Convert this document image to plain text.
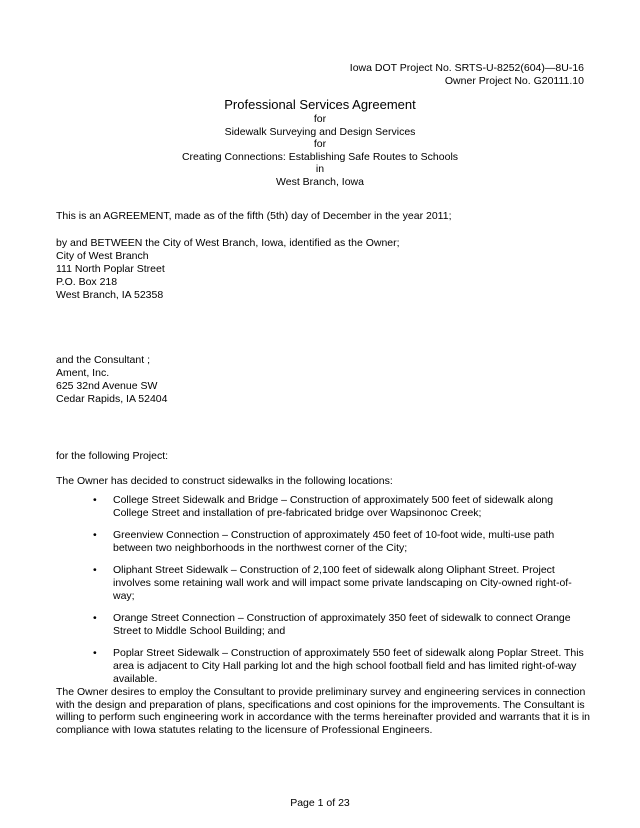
Iowa DOT Project No. SRTS-U-8252(604)—8U-16
Owner Project No. G20111.10
Professional Services Agreement
for
Sidewalk Surveying and Design Services
for
Creating Connections: Establishing Safe Routes to Schools
in
West Branch, Iowa
This is an AGREEMENT, made as of the fifth (5th) day of December in the year 2011;
by and BETWEEN the City of West Branch, Iowa, identified as the Owner;
City of West Branch
111 North Poplar Street
P.O. Box 218
West Branch, IA 52358
and the Consultant ;
Ament, Inc.
625 32nd Avenue SW
Cedar Rapids, IA 52404
for the following Project:
The Owner has decided to construct sidewalks in the following locations:
• College Street Sidewalk and Bridge – Construction of approximately 500 feet of sidewalk along College Street and installation of pre-fabricated bridge over Wapsinonoc Creek;
• Greenview Connection – Construction of approximately 450 feet of 10-foot wide, multi-use path between two neighborhoods in the northwest corner of the City;
• Oliphant Street Sidewalk – Construction of 2,100 feet of sidewalk along Oliphant Street. Project involves some retaining wall work and will impact some private landscaping on City-owned right-of-way;
• Orange Street Connection – Construction of approximately 350 feet of sidewalk to connect Orange Street to Middle School Building; and
• Poplar Street Sidewalk – Construction of approximately 550 feet of sidewalk along Poplar Street. This area is adjacent to City Hall parking lot and the high school football field and has limited right-of-way available.
The Owner desires to employ the Consultant to provide preliminary survey and engineering services in connection with the design and preparation of plans, specifications and cost opinions for the improvements. The Consultant is willing to perform such engineering work in accordance with the terms hereinafter provided and warrants that it is in compliance with Iowa statutes relating to the licensure of Professional Engineers.
Page 1 of 23
